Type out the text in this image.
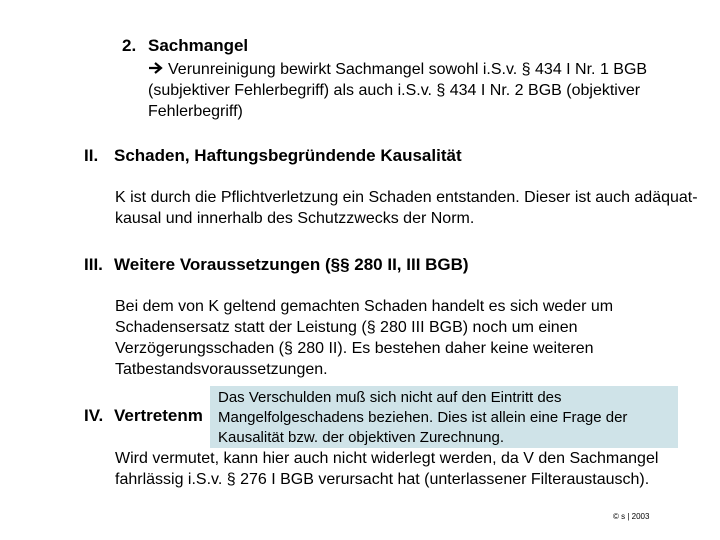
2. Sachmangel
Verunreinigung bewirkt Sachmangel sowohl i.S.v. § 434 I Nr. 1 BGB (subjektiver Fehlerbegriff) als auch i.S.v. § 434 I Nr. 2 BGB (objektiver Fehlerbegriff)
II. Schaden, Haftungsbegründende Kausalität
K ist durch die Pflichtverletzung ein Schaden entstanden. Dieser ist auch adäquat-kausal und innerhalb des Schutzzwecks der Norm.
III. Weitere Voraussetzungen (§§ 280 II, III BGB)
Bei dem von K geltend gemachten Schaden handelt es sich weder um Schadensersatz statt der Leistung (§ 280 III BGB) noch um einen Verzögerungsschaden (§ 280 II). Es bestehen daher keine weiteren Tatbestandsvoraussetzungen.
IV. Vertretenm
Das Verschulden muß sich nicht auf den Eintritt des Mangelfolgeschadens beziehen. Dies ist allein eine Frage der Kausalität bzw. der objektiven Zurechnung.
Wird vermutet, kann hier auch nicht widerlegt werden, da V den Sachmangel fahrlässig i.S.v. § 276 I BGB verursacht hat (unterlassener Filteraustausch).
© s | 2003
